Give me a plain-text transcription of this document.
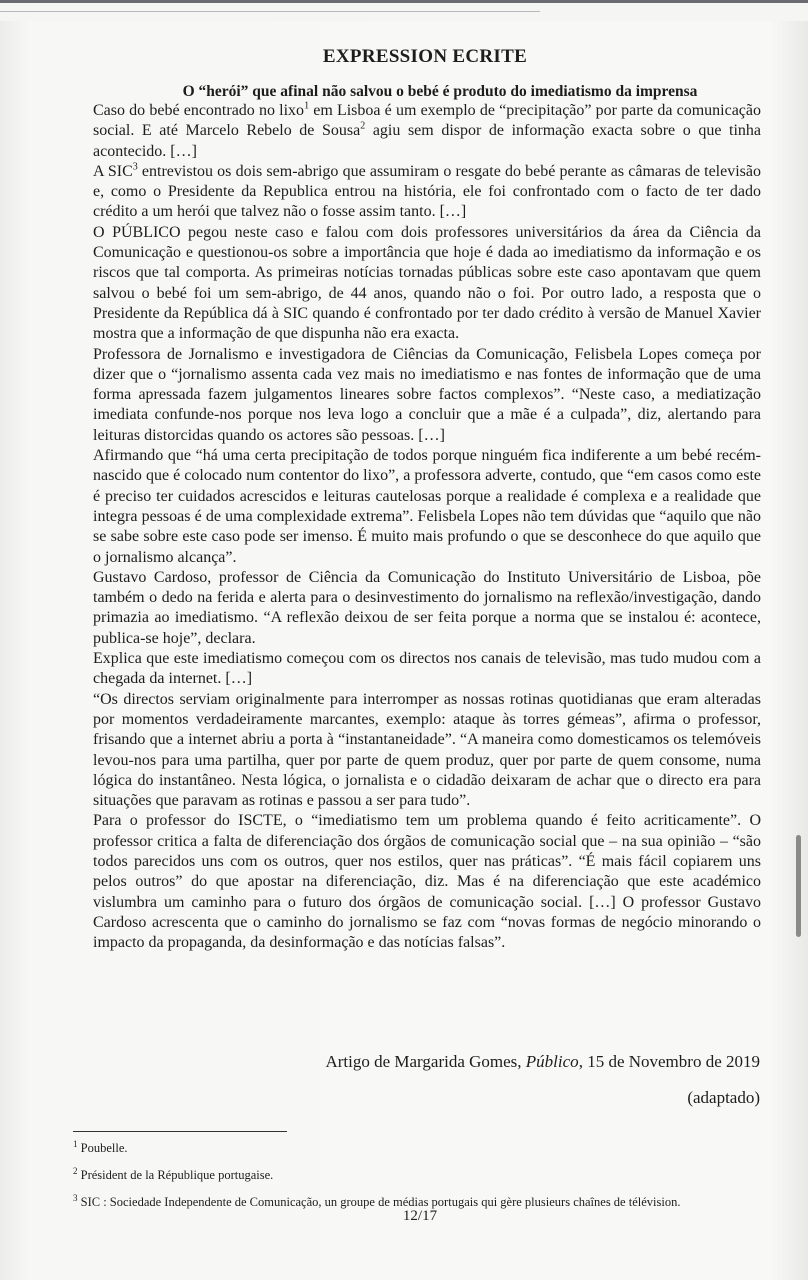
EXPRESSION ECRITE
O “herói” que afinal não salvou o bebé é produto do imediatismo da imprensa

Caso do bebé encontrado no lixo$^1$ em Lisboa é um exemplo de “precipitação” por parte da comunicação social. E até Marcelo Rebelo de Sousa$^2$ agiu sem dispor de informação exacta sobre o que tinha acontecido. […]

A SIC$^3$ entrevistou os dois sem-abrigo que assumiram o resgate do bebé perante as câmaras de televisão e, como o Presidente da Republica entrou na história, ele foi confrontado com o facto de ter dado crédito a um herói que talvez não o fosse assim tanto. […]

O PÚBLICO pegou neste caso e falou com dois professores universitários da área da Ciência da Comunicação e questionou-os sobre a importância que hoje é dada ao imediatismo da informação e os riscos que tal comporta. As primeiras notícias tornadas públicas sobre este caso apontavam que quem salvou o bebé foi um sem-abrigo, de 44 anos, quando não o foi. Por outro lado, a resposta que o Presidente da República dá à SIC quando é confrontado por ter dado crédito à versão de Manuel Xavier mostra que a informação de que dispunha não era exacta.

Professora de Jornalismo e investigadora de Ciências da Comunicação, Felisbela Lopes começa por dizer que o “jornalismo assenta cada vez mais no imediatismo e nas fontes de informação que de uma forma apressada fazem julgamentos lineares sobre factos complexos”. “Neste caso, a mediatização imediata confunde-nos porque nos leva logo a concluir que a mãe é a culpada”, diz, alertando para leituras distorcidas quando os actores são pessoas. […]

Afirmando que “há uma certa precipitação de todos porque ninguém fica indiferente a um bebé recém-nascido que é colocado num contentor do lixo”, a professora adverte, contudo, que “em casos como este é preciso ter cuidados acrescidos e leituras cautelosas porque a realidade é complexa e a realidade que integra pessoas é de uma complexidade extrema”. Felisbela Lopes não tem dúvidas que “aquilo que não se sabe sobre este caso pode ser imenso. É muito mais profundo o que se desconhece do que aquilo que o jornalismo alcança”.

Gustavo Cardoso, professor de Ciência da Comunicação do Instituto Universitário de Lisboa, põe também o dedo na ferida e alerta para o desinvestimento do jornalismo na reflexão/investigação, dando primazia ao imediatismo. “A reflexão deixou de ser feita porque a norma que se instalou é: acontece, publica-se hoje”, declara.

Explica que este imediatismo começou com os directos nos canais de televisão, mas tudo mudou com a chegada da internet. […]

“Os directos serviam originalmente para interromper as nossas rotinas quotidianas que eram alteradas por momentos verdadeiramente marcantes, exemplo: ataque às torres gémeas”, afirma o professor, frisando que a internet abriu a porta à “instantaneidade”. “A maneira como domesticamos os telemóveis levou-nos para uma partilha, quer por parte de quem produz, quer por parte de quem consome, numa lógica do instantâneo. Nesta lógica, o jornalista e o cidadão deixaram de achar que o directo era para situações que paravam as rotinas e passou a ser para tudo”.

Para o professor do ISCTE, o “imediatismo tem um problema quando é feito acriticamente”. O professor critica a falta de diferenciação dos órgãos de comunicação social que – na sua opinião – “são todos parecidos uns com os outros, quer nos estilos, quer nas práticas”. “É mais fácil copiarem uns pelos outros” do que apostar na diferenciação, diz. Mas é na diferenciação que este académico vislumbra um caminho para o futuro dos órgãos de comunicação social. […] O professor Gustavo Cardoso acrescenta que o caminho do jornalismo se faz com “novas formas de negócio minorando o impacto da propaganda, da desinformação e das notícias falsas”.

Artigo de Margarida Gomes, Público, 15 de Novembro de 2019
(adaptado)
$^1$ Poubelle.
$^2$ Président de la République portugaise.
$^3$ SIC : Sociedade Independente de Comunicação, un groupe de médias portugais qui gère plusieurs chaînes de télévision.
12/17
